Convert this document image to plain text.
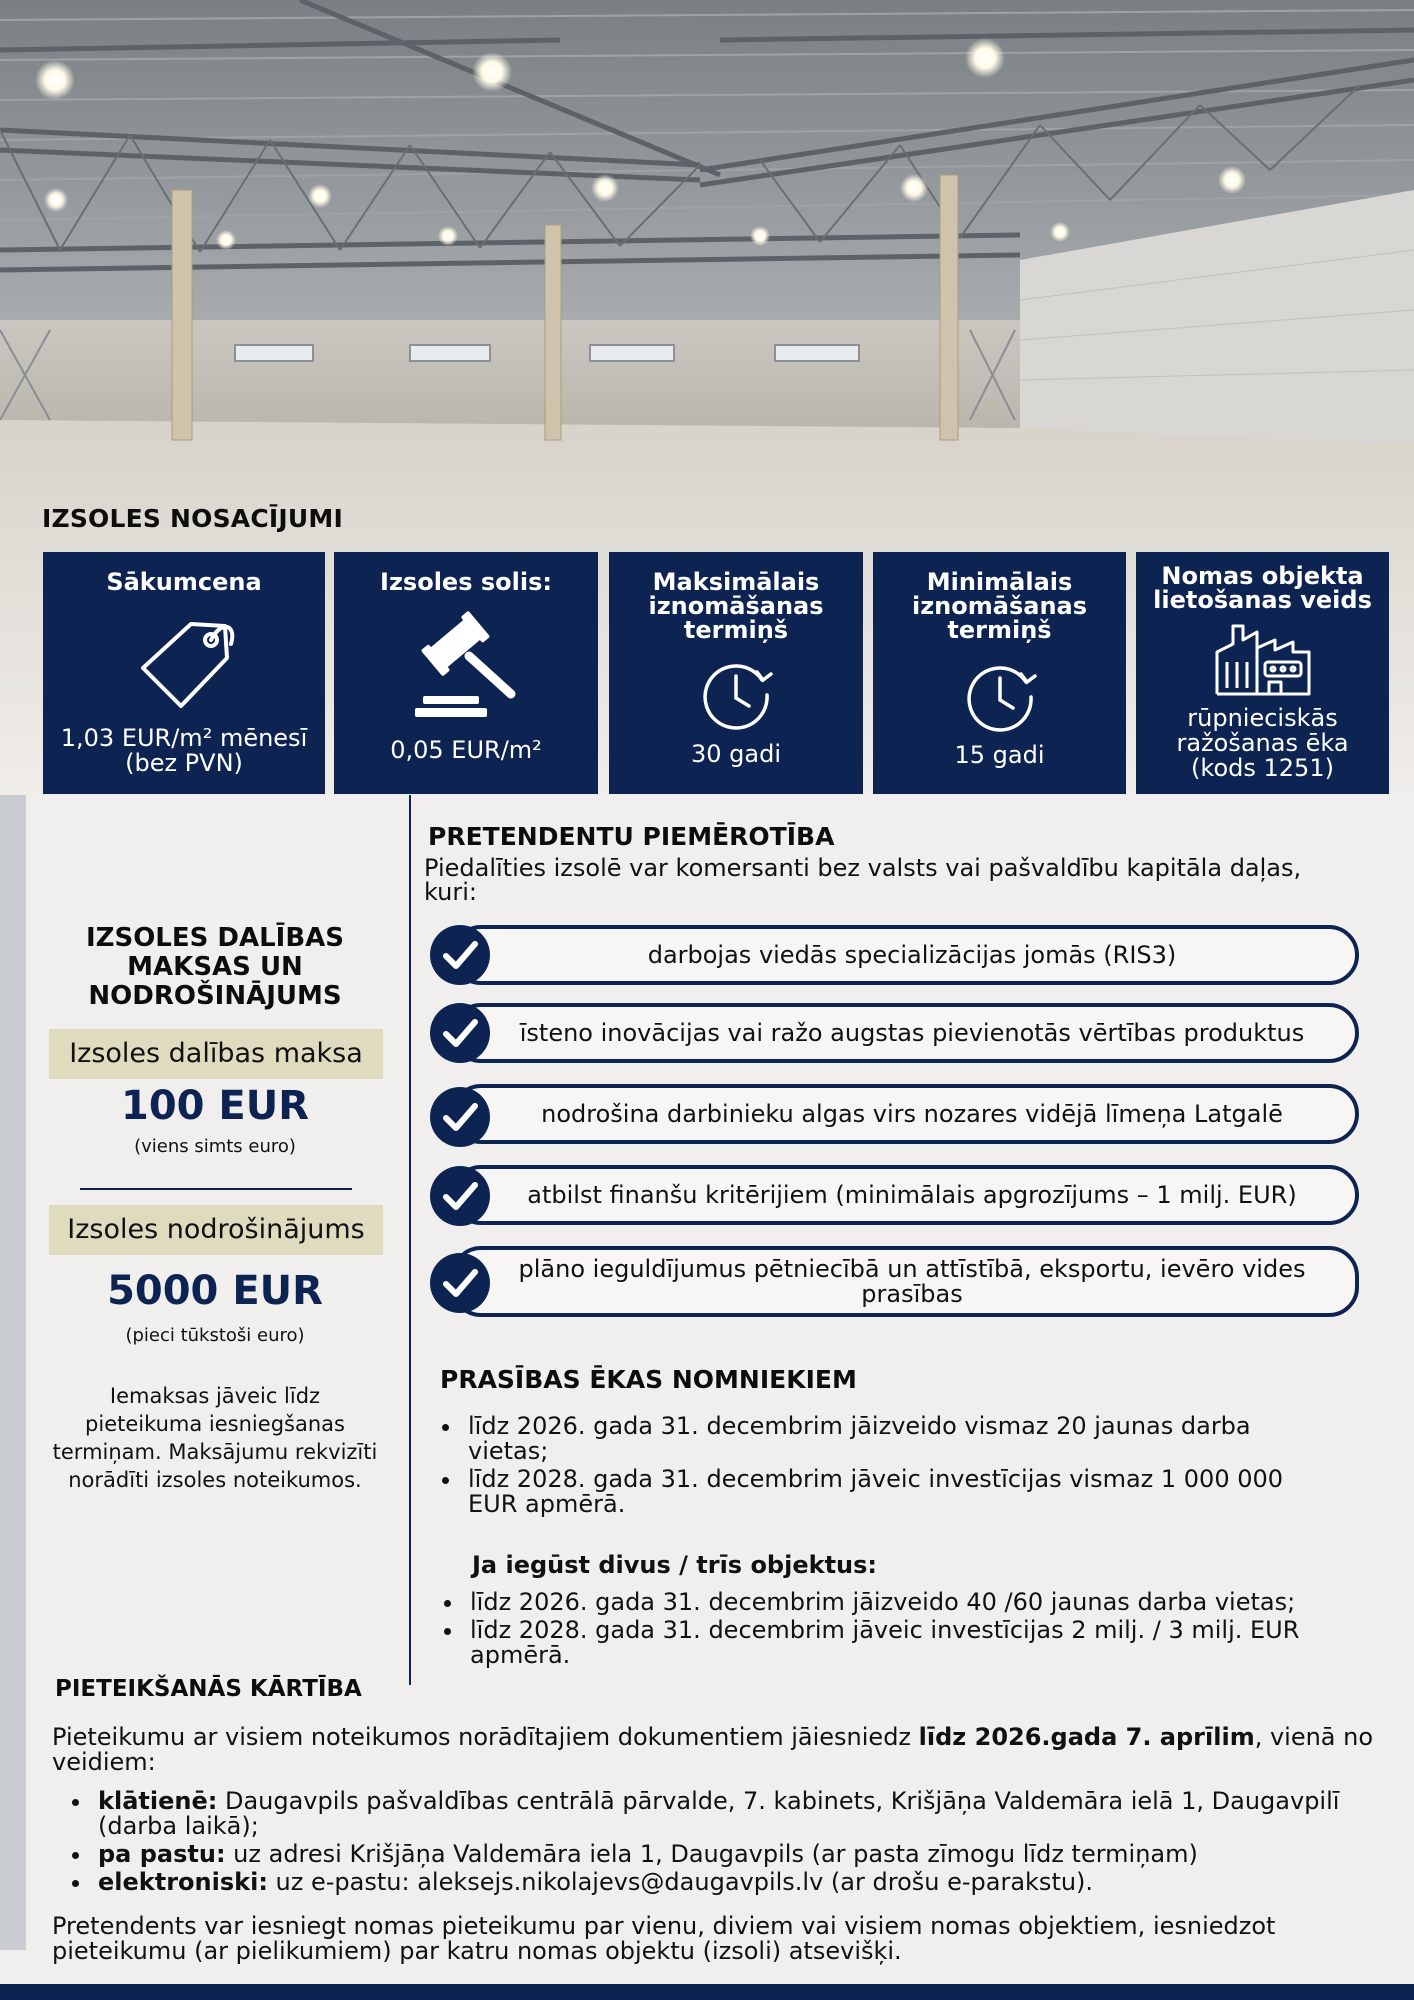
IZSOLES NOSACĪJUMI
Sākumcena
1,03 EUR/m² mēnesī (bez PVN)
Izsoles solis:
0,05 EUR/m²
Maksimālais iznomāšanas termiņš
30 gadi
Minimālais iznomāšanas termiņš
15 gadi
Nomas objekta lietošanas veids
rūpnieciskās ražošanas ēka (kods 1251)
IZSOLES DALĪBAS MAKSAS UN NODROŠINĀJUMS
Izsoles dalības maksa
100 EUR
(viens simts euro)
Izsoles nodrošinājums
5000 EUR
(pieci tūkstoši euro)
Iemaksas jāveic līdz pieteikuma iesniegšanas termiņam. Maksājumu rekvizīti norādīti izsoles noteikumos.
PRETENDENTU PIEMĒROTĪBA
Piedalīties izsolē var komersanti bez valsts vai pašvaldību kapitāla daļas, kuri:
darbojas viedās specializācijas jomās (RIS3)
īsteno inovācijas vai ražo augstas pievienotās vērtības produktus
nodrošina darbinieku algas virs nozares vidējā līmeņa Latgalē
atbilst finanšu kritērijiem (minimālais apgrozījums – 1 milj. EUR)
plāno ieguldījumus pētniecībā un attīstībā, eksportu, ievēro vides prasības
PRASĪBAS ĒKAS NOMNIEKIEM
līdz 2026. gada 31. decembrim jāizveido vismaz 20 jaunas darba vietas;
līdz 2028. gada 31. decembrim jāveic investīcijas vismaz 1 000 000 EUR apmērā.
Ja iegūst divus / trīs objektus:
līdz 2026. gada 31. decembrim jāizveido 40 /60 jaunas darba vietas;
līdz 2028. gada 31. decembrim jāveic investīcijas 2 milj. / 3 milj. EUR apmērā.
PIETEIKŠANĀS KĀRTĪBA
Pieteikumu ar visiem noteikumos norādītajiem dokumentiem jāiesniedz līdz 2026.gada 7. aprīlim, vienā no veidiem:
klātienē: Daugavpils pašvaldības centrālā pārvalde, 7. kabinets, Krišjāņa Valdemāra ielā 1, Daugavpilī (darba laikā);
pa pastu: uz adresi Krišjāņa Valdemāra iela 1, Daugavpils (ar pasta zīmogu līdz termiņam)
elektroniski: uz e-pastu: aleksejs.nikolajevs@daugavpils.lv (ar drošu e-parakstu).
Pretendents var iesniegt nomas pieteikumu par vienu, diviem vai visiem nomas objektiem, iesniedzot pieteikumu (ar pielikumiem) par katru nomas objektu (izsoli) atsevišķi.
